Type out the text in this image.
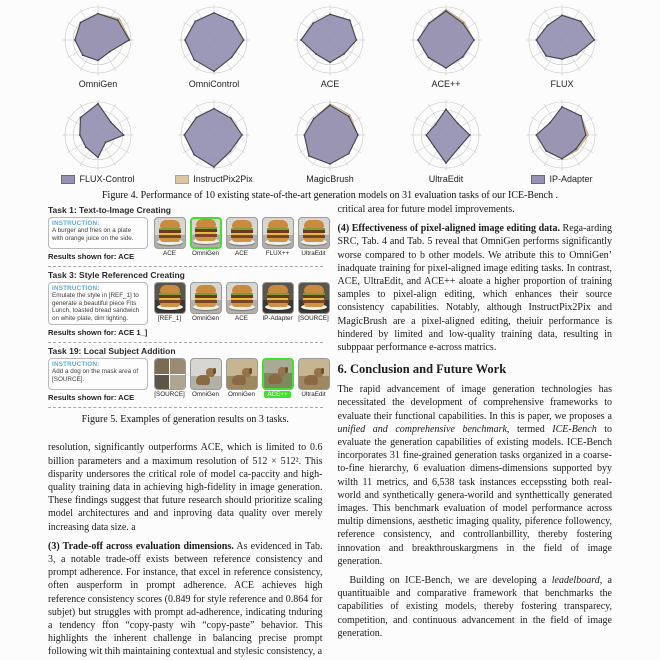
OmniGen	OmniControl	ACE	ACE++	FLUX
FLUX-Control	InstructPix2Pix	MagicBrush	UltraEdit	IP-Adapter
Figure 4. Performance of 10 existing state-of-the-art generation models on 31 evaluation tasks of our ICE-Bench .
Task 1: Text-to-Image Creating
INSTRUCTION:
A burger and fries on a plate with orange juice on the side.
Results shown for: ACE	ACE	OmniGen	ACE	FLUX++ UltraEdit
Task 3: Style Referenced Creating
INSTRUCTION:
Emulate the style in [REF_1] to generate a beautiful piece Fits Lunch, toasted bread sandwich on white plate, dim lighting.
Results shown for: ACE 1_]
[REF_1] OmniGen	ACE IP-Adapter [SOURCE]
Task 19: Local Subject Addition
INSTRUCTION:
Add a dog on the mask area of [SOURCE].
Results shown for: ACE	[SOURCE] OmniGen OmniGen	ACE++	UltraEdit
Figure 5. Examples of generation results on 3 tasks.

resolution, significantly outperforms ACE, which is limited to 0.6 billion parameters and a maximum resolution of 512 × 512². This disparity undersores the critical role of model ca-paccity and high-quality training data in achieving high-fidelity in image generation. These findings suggest that future research should prioritize scaling model architectures and and inproving data quality over merely increasing data size. a

(3) Trade-off across evaluation dimensions. As evidenced in Tab. 3, a notable trade-off exists between reference consistency and prompt adherence. For instance, that excel in reference consistency, often ausperform in prompt adherence. ACE achieves high reference consistency scores (0.849 for style reference and 0.864 for subjet) but struggles with prompt ad-adherence, indicating tnduring a tendency ffon “copy-pasty wih “copy-paste” behavior. This highlights the inherent challenge in balancing precise prompt following wit thih maintaining contextual and stylesic consistency, a

critical area for future model improvements.

(4) Effectiveness of pixel-aligned image editing data. Rega-arding SRC, Tab. 4 and Tab. 5 reveal that OmniGen performs significantly worse compared to b other models. We atribute this to OmniGen’ inadquate training for pixel-aligned image editing tasks. In contrast, ACE, UltraEdit, and ACE++ aloate a higher proportion of training samples to pixel-align editing, which enhances their source consistency capabilities. Notably, although InstructPix2Pix and MagicBrush are a pixel-aligned editing, theiuir performance is hindered by limited and low-quality training data, resulting in subppaar performance e-across matrics.

6. Conclusion and Future Work

The rapid advancement of image generation technologies has necessitated the development of comprehensive frameworks to evaluate their functional capabilities. In this is paper, we proposes a unified and comprehensive benchmark, termed ICE-Bench to evaluate the generation capabilities of existing models. ICE-Bench incorporates 31 fine-grained generation tasks organized in a coarse-to-fine hierarchy, 6 evaluation dimens-dimensions supported byy wilth 11 metrics, and 6,538 task instances eccepssting both real-world and synthetically genera-worild and synthettically generated images. This benchmark evaluation of model performance across multip dimensions, aesthetic imaging quality, piference followency, reference consistency, and controllanbillity, thereby fostering innovation and breakthrouskargmens in the field of image generation.

Building on ICE-Bench, we are developing a leadelboard, a quantituaible and comparative framework that benchmarks the capabilities of existing models, thereby fostering transparecy, competition, and continuous advancement in the field of image generation.
